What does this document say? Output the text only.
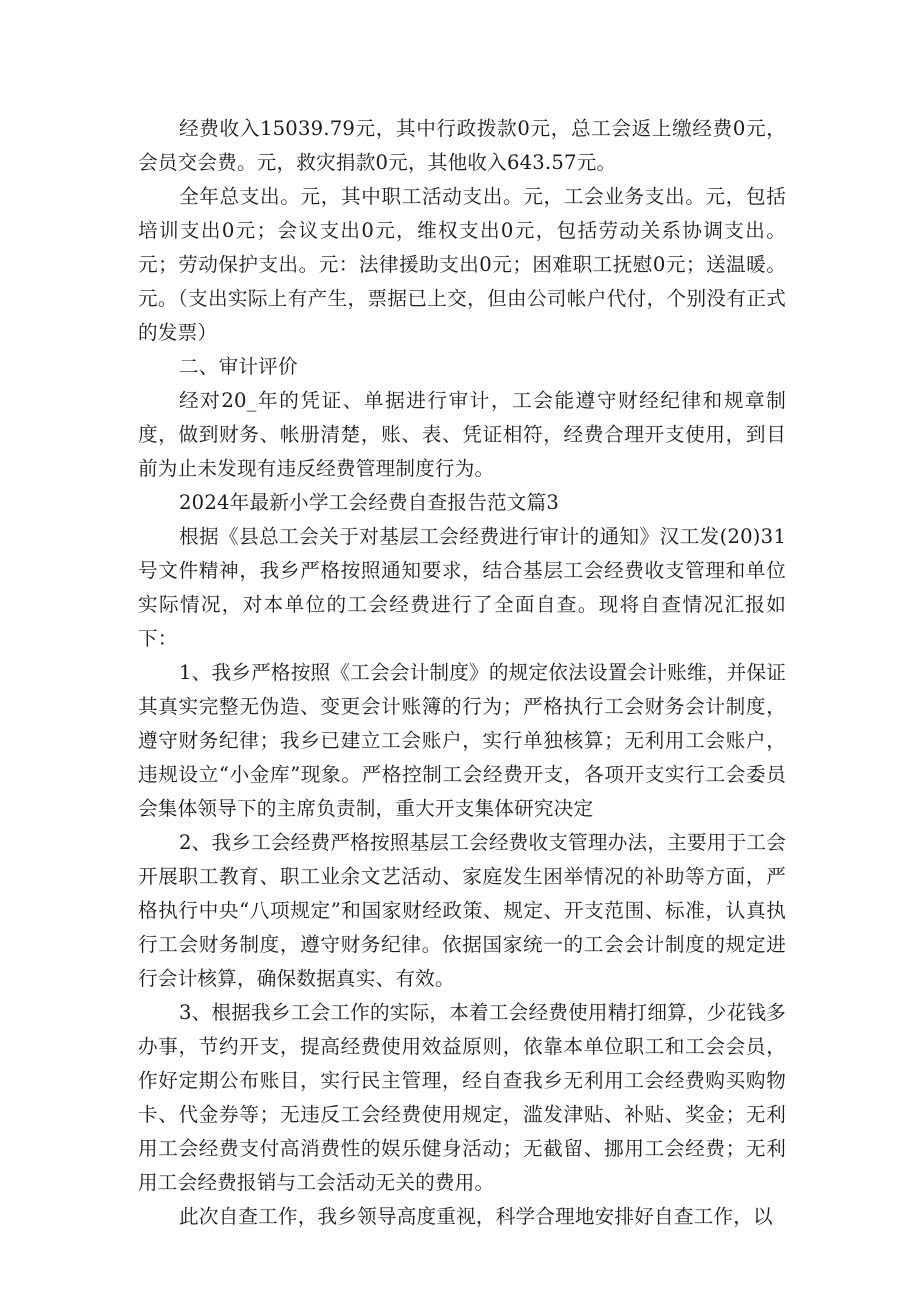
经费收入15039.79元，其中行政拨款0元，总工会返上缴经费0元，会员交会费。元，救灾捐款0元，其他收入643.57元。

全年总支出。元，其中职工活动支出。元，工会业务支出。元，包括培训支出0元；会议支出0元，维权支出0元，包括劳动关系协调支出。元；劳动保护支出。元：法律援助支出0元；困难职工抚慰0元；送温暖。元。（支出实际上有产生，票据已上交，但由公司帐户代付，个别没有正式的发票）

二、审计评价

经对20_年的凭证、单据进行审计，工会能遵守财经纪律和规章制度，做到财务、帐册清楚，账、表、凭证相符，经费合理开支使用，到目前为止未发现有违反经费管理制度行为。

2024年最新小学工会经费自查报告范文篇3

根据《县总工会关于对基层工会经费进行审计的通知》汉工发(20)31号文件精神，我乡严格按照通知要求，结合基层工会经费收支管理和单位实际情况，对本单位的工会经费进行了全面自查。现将自查情况汇报如下：

1、我乡严格按照《工会会计制度》的规定依法设置会计账维，并保证其真实完整无伪造、变更会计账簿的行为；严格执行工会财务会计制度，遵守财务纪律；我乡已建立工会账户，实行单独核算；无利用工会账户，违规设立“小金库”现象。严格控制工会经费开支，各项开支实行工会委员会集体领导下的主席负责制，重大开支集体研究决定

2、我乡工会经费严格按照基层工会经费收支管理办法，主要用于工会开展职工教育、职工业余文艺活动、家庭发生困举情况的补助等方面，严格执行中央“八项规定”和国家财经政策、规定、开支范围、标准，认真执行工会财务制度，遵守财务纪律。依据国家统一的工会会计制度的规定进行会计核算，确保数据真实、有效。

3、根据我乡工会工作的实际，本着工会经费使用精打细算，少花钱多办事，节约开支，提高经费使用效益原则，依靠本单位职工和工会会员，作好定期公布账目，实行民主管理，经自查我乡无利用工会经费购买购物卡、代金券等；无违反工会经费使用规定，滥发津贴、补贴、奖金；无利用工会经费支付高消费性的娱乐健身活动；无截留、挪用工会经费；无利用工会经费报销与工会活动无关的费用。

此次自查工作，我乡领导高度重视，科学合理地安排好自查工作，以
